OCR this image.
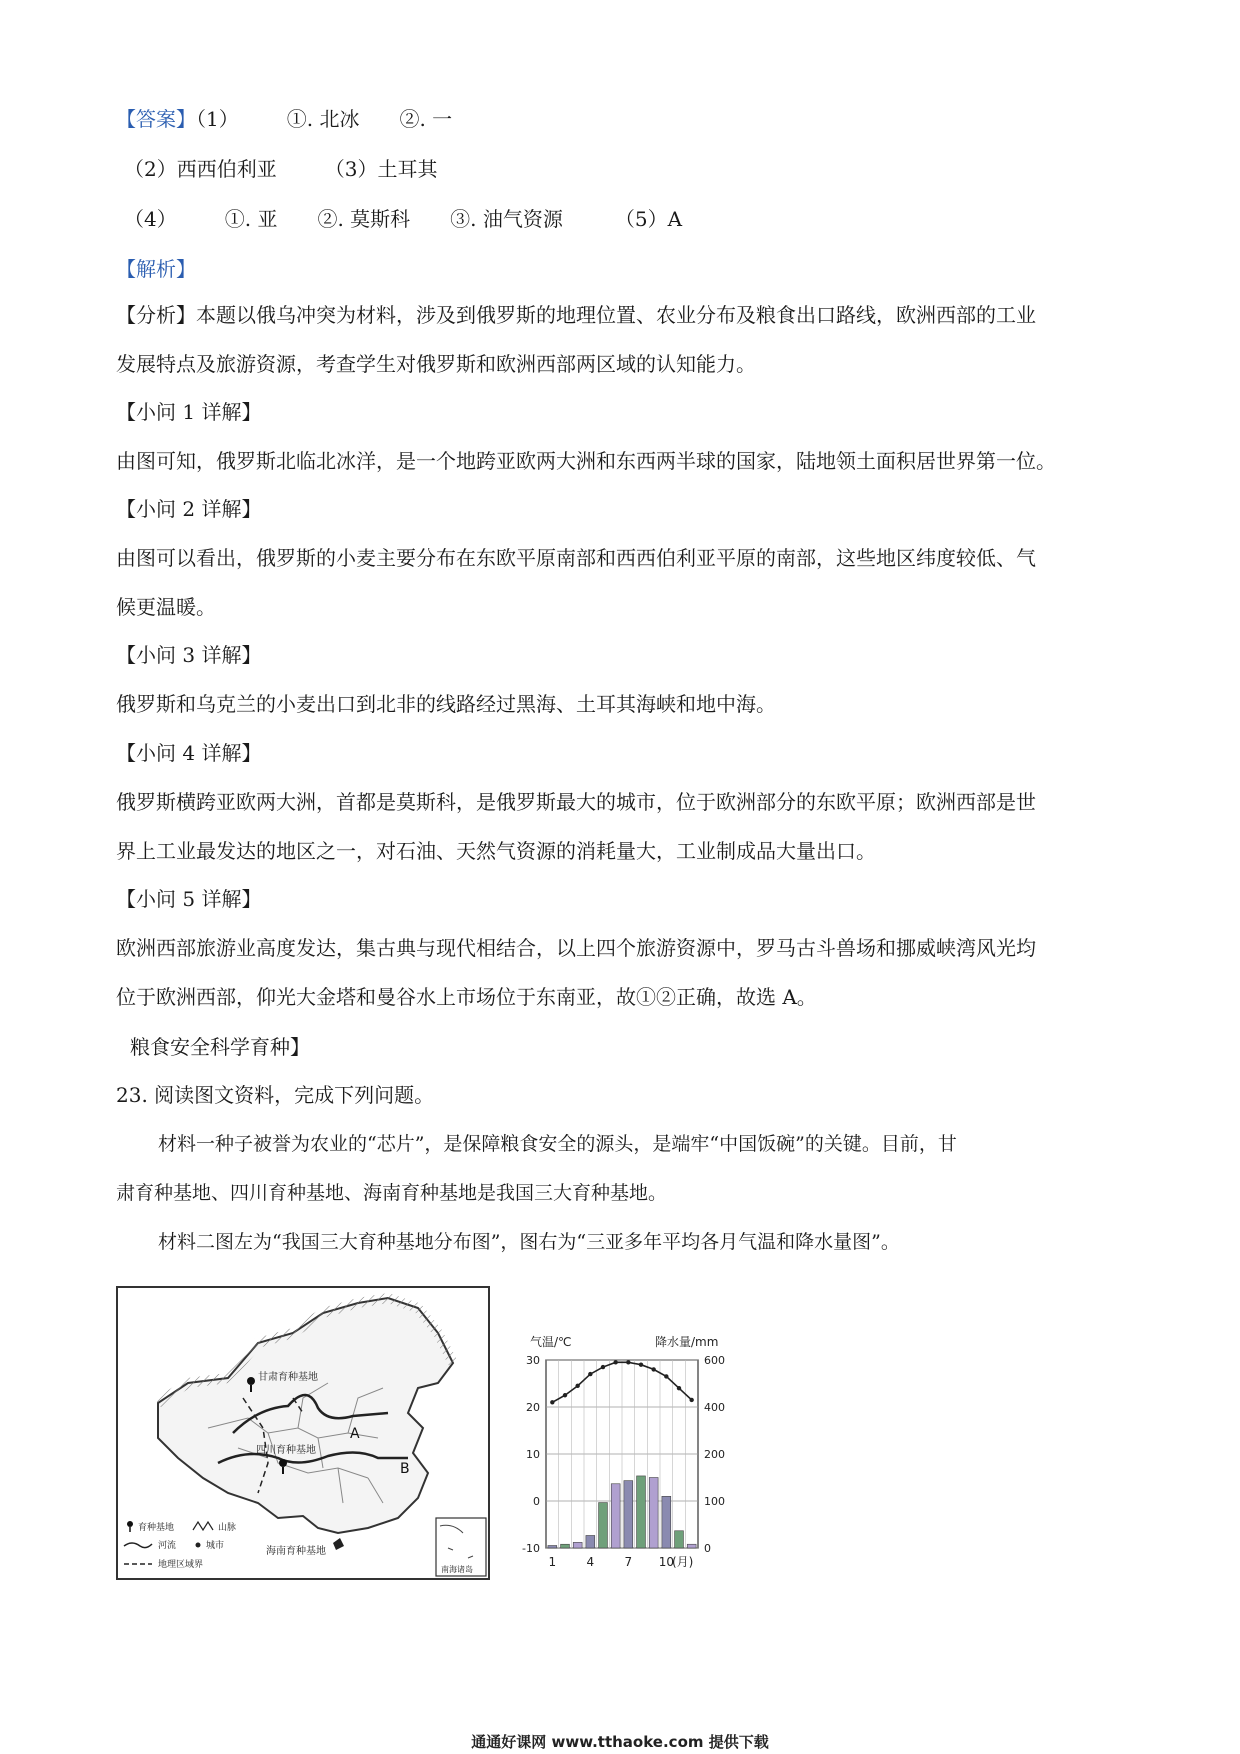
【答案】（1） ①. 北冰 ②. 一
（2）西西伯利亚 （3）土耳其
（4） ①. 亚 ②. 莫斯科 ③. 油气资源	（5）A
【解析】
【分析】本题以俄乌冲突为材料，涉及到俄罗斯的地理位置、农业分布及粮食出口路线，欧洲西部的工业
发展特点及旅游资源，考查学生对俄罗斯和欧洲西部两区域的认知能力。
【小问 1 详解】
由图可知，俄罗斯北临北冰洋，是一个地跨亚欧两大洲和东西两半球的国家，陆地领土面积居世界第一位。
【小问 2 详解】
由图可以看出，俄罗斯的小麦主要分布在东欧平原南部和西西伯利亚平原的南部，这些地区纬度较低、气
候更温暖。
【小问 3 详解】
俄罗斯和乌克兰的小麦出口到北非的线路经过黑海、土耳其海峡和地中海。
【小问 4 详解】
俄罗斯横跨亚欧两大洲，首都是莫斯科，是俄罗斯最大的城市，位于欧洲部分的东欧平原；欧洲西部是世
界上工业最发达的地区之一，对石油、天然气资源的消耗量大，工业制成品大量出口。
【小问 5 详解】
欧洲西部旅游业高度发达，集古典与现代相结合，以上四个旅游资源中，罗马古斗兽场和挪威峡湾风光均
位于欧洲西部，仰光大金塔和曼谷水上市场位于东南亚，故①②正确，故选 A。
粮食安全科学育种】
23. 阅读图文资料，完成下列问题。
材料一种子被誉为农业的“芯片”，是保障粮食安全的源头，是端牢“中国饭碗”的关键。目前，甘
肃育种基地、四川育种基地、海南育种基地是我国三大育种基地。
材料二图左为“我国三大育种基地分布图”，图右为“三亚多年平均各月气温和降水量图”。
甘肃育种基地
四川育种基地
海南育种基地
A
B
育种基地	山脉
河流	城市
地理区域界	南海诸岛
气温/℃	降水量/mm
30
20
10
0
-10
600
400
200
100
0
1	4	7 10
(月)
通通好课网 www.tthaoke.com 提供下载
